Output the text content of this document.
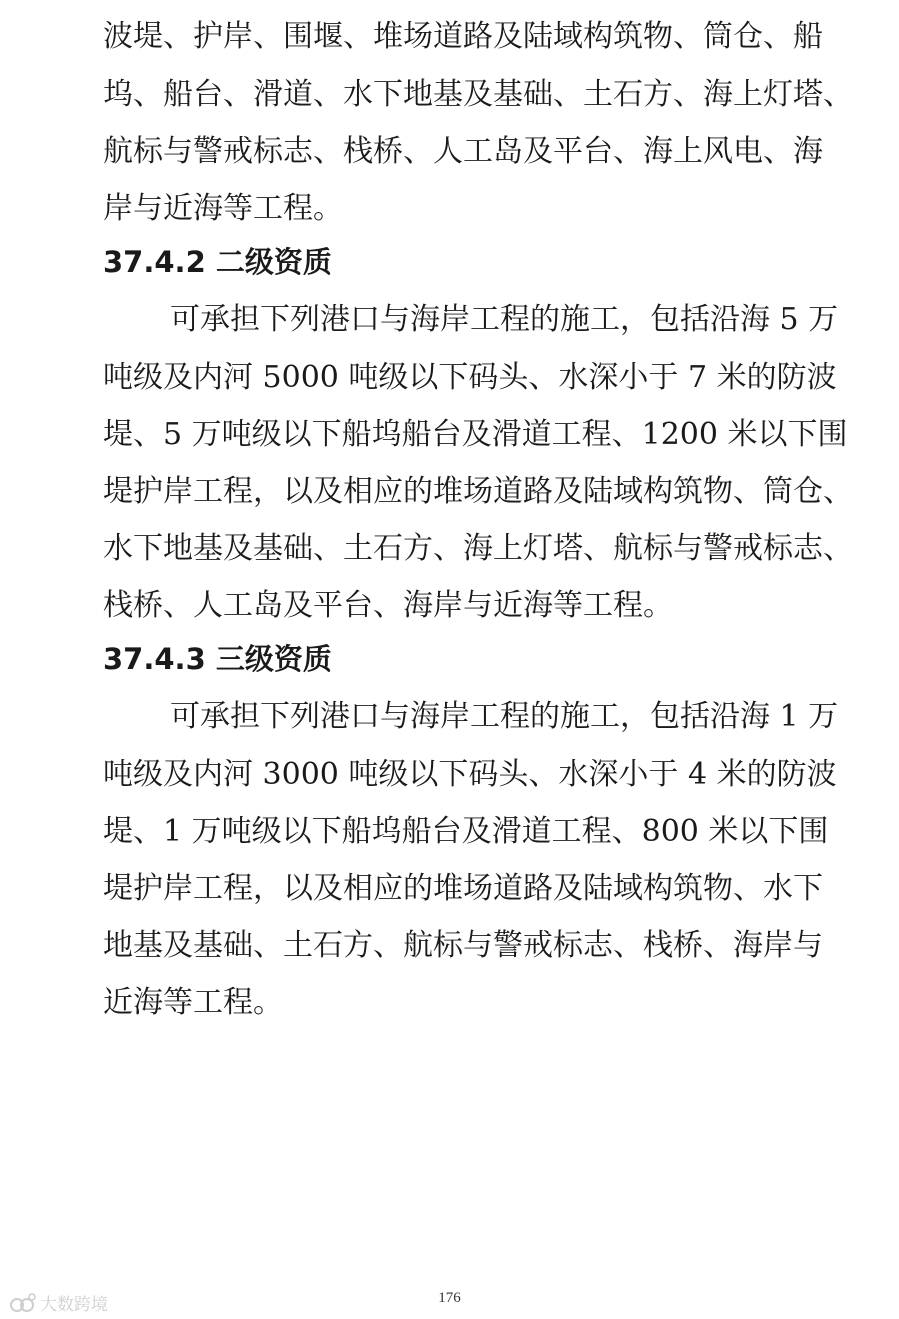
波堤、护岸、围堰、堆场道路及陆域构筑物、筒仓、船
坞、船台、滑道、水下地基及基础、土石方、海上灯塔、
航标与警戒标志、栈桥、人工岛及平台、海上风电、海
岸与近海等工程。
37.4.2 二级资质
可承担下列港口与海岸工程的施工，包括沿海 5 万
吨级及内河 5000 吨级以下码头、水深小于 7 米的防波
堤、5 万吨级以下船坞船台及滑道工程、1200 米以下围
堤护岸工程，以及相应的堆场道路及陆域构筑物、筒仓、
水下地基及基础、土石方、海上灯塔、航标与警戒标志、
栈桥、人工岛及平台、海岸与近海等工程。
37.4.3 三级资质
可承担下列港口与海岸工程的施工，包括沿海 1 万
吨级及内河 3000 吨级以下码头、水深小于 4 米的防波
堤、1 万吨级以下船坞船台及滑道工程、800 米以下围
堤护岸工程，以及相应的堆场道路及陆域构筑物、水下
地基及基础、土石方、航标与警戒标志、栈桥、海岸与
近海等工程。
176
大数跨境
